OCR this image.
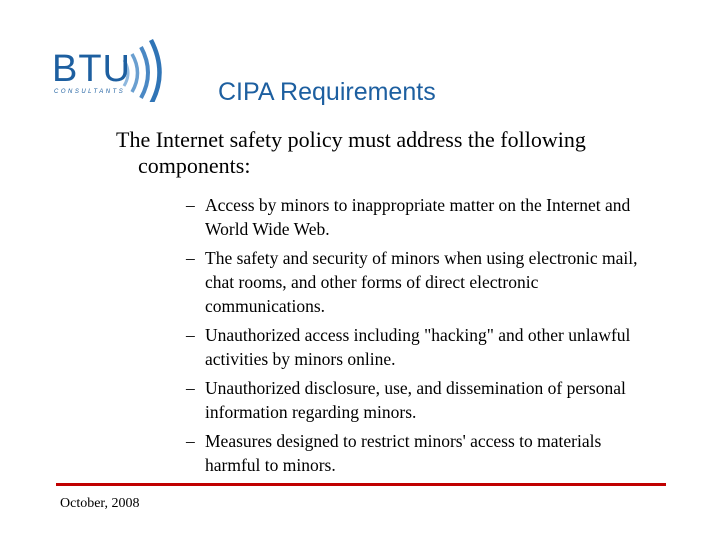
BTU
CONSULTANTS	CIPA Requirements
The Internet safety policy must address the following components:
– Access by minors to inappropriate matter on the Internet and World Wide Web.
– The safety and security of minors when using electronic mail, chat rooms, and other forms of direct electronic communications.
– Unauthorized access including "hacking" and other unlawful activities by minors online.
– Unauthorized disclosure, use, and dissemination of personal information regarding minors.
– Measures designed to restrict minors' access to materials harmful to minors.
October, 2008
